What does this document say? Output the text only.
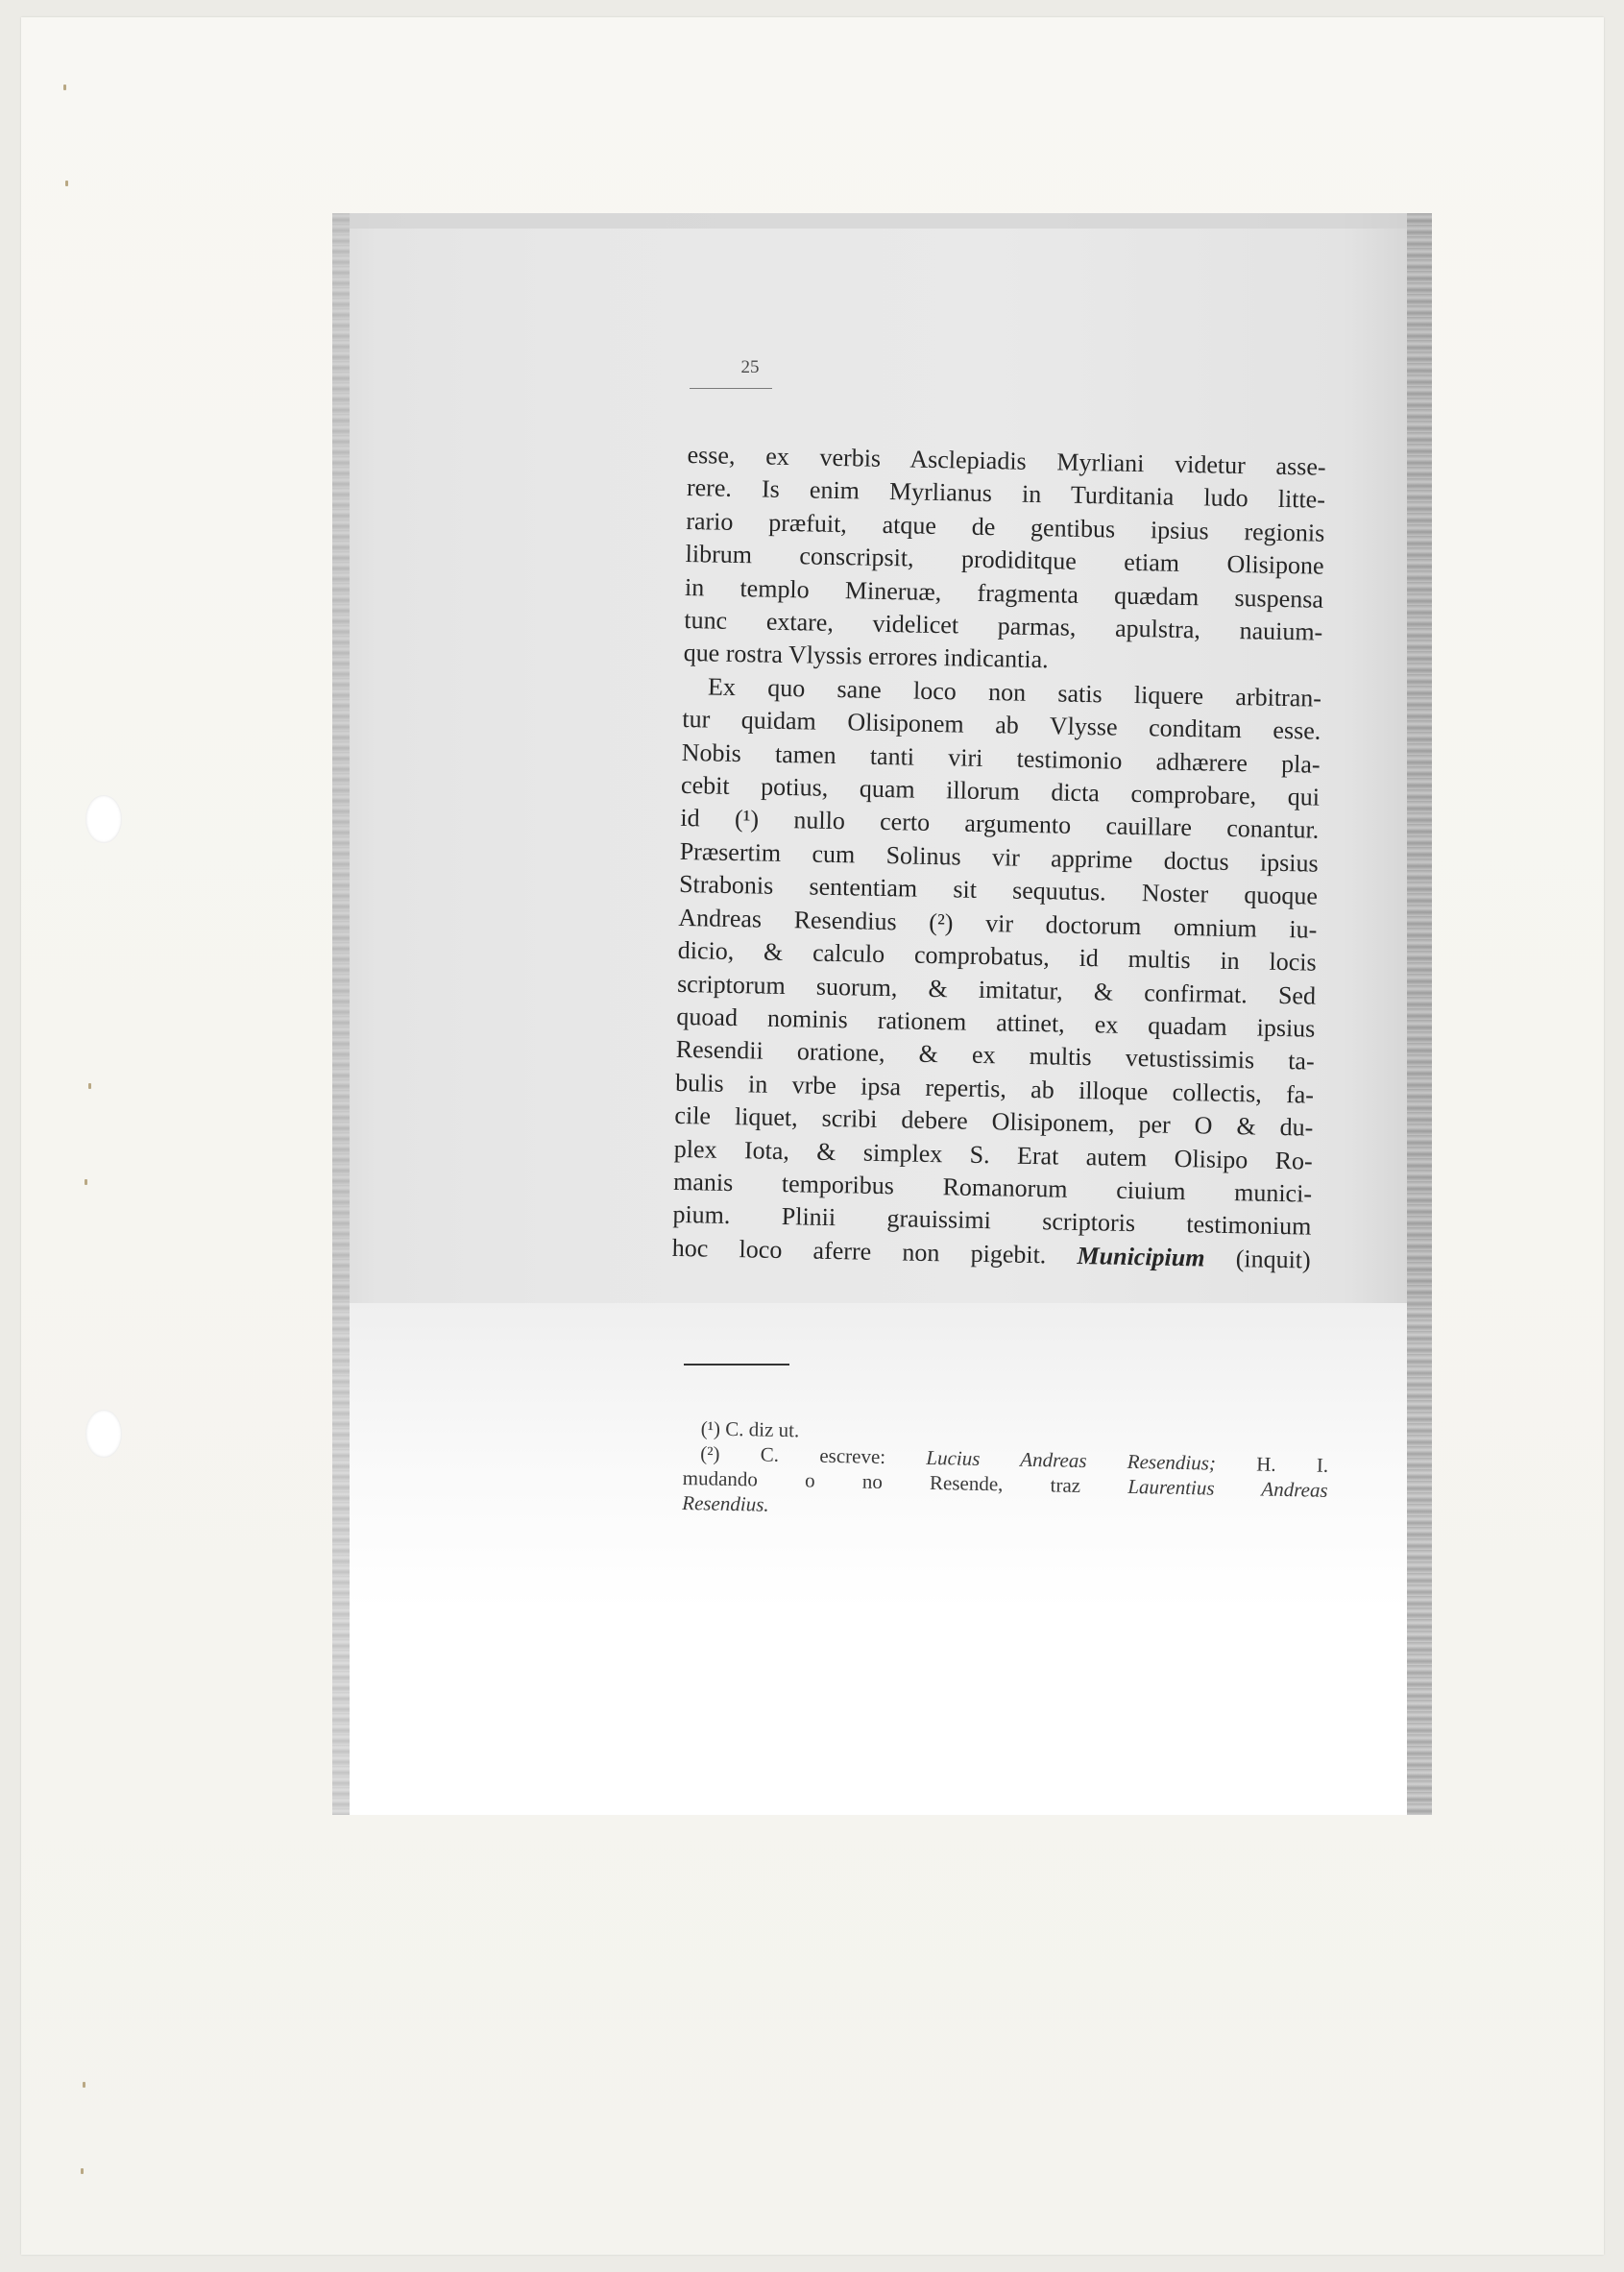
25
esse, ex verbis Asclepiadis Myrliani videtur asse-
rere. Is enim Myrlianus in Turditania ludo litte-
rario præfuit, atque de gentibus ipsius regionis
librum conscripsit, prodiditque etiam Olisipone
in templo Mineruæ, fragmenta quædam suspensa
tunc extare, videlicet parmas, apulstra, nauium-
que rostra Vlyssis errores indicantia.
Ex quo sane loco non satis liquere arbitran-
tur quidam Olisiponem ab Vlysse conditam esse.
Nobis tamen tanti viri testimonio adhærere pla-
cebit potius, quam illorum dicta comprobare, qui
id (¹) nullo certo argumento cauillare conantur.
Præsertim cum Solinus vir apprime doctus ipsius
Strabonis sententiam sit sequutus. Noster quoque
Andreas Resendius (²) vir doctorum omnium iu-
dicio, & calculo comprobatus, id multis in locis
scriptorum suorum, & imitatur, & confirmat. Sed
quoad nominis rationem attinet, ex quadam ipsius
Resendii oratione, & ex multis vetustissimis ta-
bulis in vrbe ipsa repertis, ab illoque collectis, fa-
cile liquet, scribi debere Olisiponem, per O & du-
plex Iota, & simplex S. Erat autem Olisipo Ro-
manis temporibus Romanorum ciuium munici-
pium. Plinii grauissimi scriptoris testimonium
hoc loco aferre non pigebit. Municipium (inquit)
(¹) C. diz ut.
(²) C. escreve: Lucius Andreas Resendius; H. I.
mudando o no Resende, traz Laurentius Andreas
Resendius.
